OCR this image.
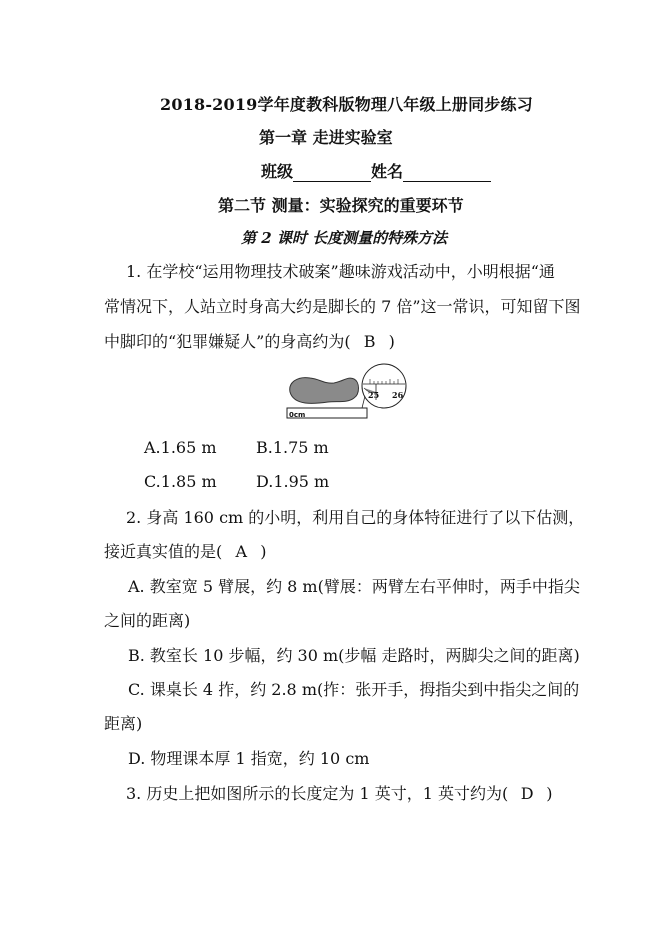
2018-2019学年度教科版物理八年级上册同步练习
第一章 走进实验室
班级	姓名
第二节 测量：实验探究的重要环节
第 2 课时 长度测量的特殊方法
1. 在学校“运用物理技术破案”趣味游戏活动中，小明根据“通
常情况下，人站立时身高大约是脚长的 7 倍”这一常识，可知留下图
中脚印的“犯罪嫌疑人”的身高约为( B )
0cm
25 26
A.1.65 m B.1.75 m
C.1.85 m D.1.95 m
2. 身高 160 cm 的小明，利用自己的身体特征进行了以下估测，
接近真实值的是( A )
A. 教室宽 5 臂展，约 8 m(臂展：两臂左右平伸时，两手中指尖
之间的距离)
B. 教室长 10 步幅，约 30 m(步幅 走路时，两脚尖之间的距离)
C. 课桌长 4 拃，约 2.8 m(拃：张开手，拇指尖到中指尖之间的
距离)
D. 物理课本厚 1 指宽，约 10 cm
3. 历史上把如图所示的长度定为 1 英寸，1 英寸约为( D )
